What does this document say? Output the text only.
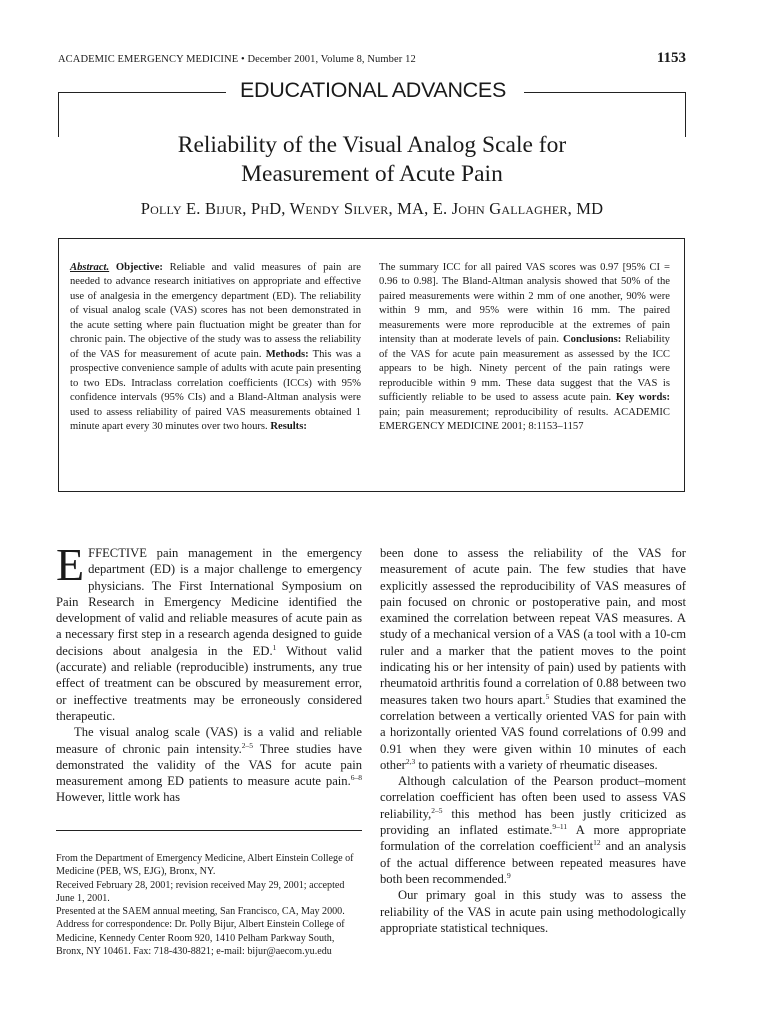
ACADEMIC EMERGENCY MEDICINE • December 2001, Volume 8, Number 12	1153
EDUCATIONAL ADVANCES
Reliability of the Visual Analog Scale for
Measurement of Acute Pain
Polly E. Bijur, PhD, Wendy Silver, MA, E. John Gallagher, MD
Abstract. Objective: Reliable and valid measures of pain are needed to advance research initiatives on appropriate and effective use of analgesia in the emergency department (ED). The reliability of visual analog scale (VAS) scores has not been demonstrated in the acute setting where pain fluctuation might be greater than for chronic pain. The objective of the study was to assess the reliability of the VAS for measurement of acute pain. Methods: This was a prospective convenience sample of adults with acute pain presenting to two EDs. Intraclass correlation coefficients (ICCs) with 95% confidence intervals (95% CIs) and a Bland-Altman analysis were used to assess reliability of paired VAS measurements obtained 1 minute apart every 30 minutes over two hours. Results:
The summary ICC for all paired VAS scores was 0.97 [95% CI = 0.96 to 0.98]. The Bland-Altman analysis showed that 50% of the paired measurements were within 2 mm of one another, 90% were within 9 mm, and 95% were within 16 mm. The paired measurements were more reproducible at the extremes of pain intensity than at moderate levels of pain. Conclusions: Reliability of the VAS for acute pain measurement as assessed by the ICC appears to be high. Ninety percent of the pain ratings were reproducible within 9 mm. These data suggest that the VAS is sufficiently reliable to be used to assess acute pain. Key words: pain; pain measurement; reproducibility of results. ACADEMIC EMERGENCY MEDICINE 2001; 8:1153–1157

EFFECTIVE pain management in the emergency department (ED) is a major challenge to emergency physicians. The First International Symposium on Pain Research in Emergency Medicine identified the development of valid and reliable measures of acute pain as a necessary first step in a research agenda designed to guide decisions about analgesia in the ED.$^1$ Without valid (accurate) and reliable (reproducible) instruments, any true effect of treatment can be obscured by measurement error, or ineffective treatments may be erroneously considered therapeutic.

The visual analog scale (VAS) is a valid and reliable measure of chronic pain intensity.$^{2-5}$ Three studies have demonstrated the validity of the VAS for acute pain measurement among ED patients to measure acute pain.$^{6-8}$ However, little work has

From the Department of Emergency Medicine, Albert Einstein College of Medicine (PEB, WS, EJG), Bronx, NY.

Received February 28, 2001; revision received May 29, 2001; accepted June 1, 2001.

Presented at the SAEM annual meeting, San Francisco, CA, May 2000.

Address for correspondence: Dr. Polly Bijur, Albert Einstein College of Medicine, Kennedy Center Room 920, 1410 Pelham Parkway South, Bronx, NY 10461. Fax: 718-430-8821; e-mail: bijur@aecom.yu.edu

been done to assess the reliability of the VAS for measurement of acute pain. The few studies that have explicitly assessed the reproducibility of VAS measures of pain focused on chronic or postoperative pain, and most examined the correlation between repeat VAS measures. A study of a mechanical version of a VAS (a tool with a 10-cm ruler and a marker that the patient moves to the point indicating his or her intensity of pain) used by patients with rheumatoid arthritis found a correlation of 0.88 between two measures taken two hours apart.$^5$ Studies that examined the correlation between a vertically oriented VAS for pain with a horizontally oriented VAS found correlations of 0.99 and 0.91 when they were given within 10 minutes of each other$^{2,3}$ to patients with a variety of rheumatic diseases.

Although calculation of the Pearson product–moment correlation coefficient has often been used to assess VAS reliability,$^{2-5}$ this method has been justly criticized as providing an inflated estimate.$^{9-11}$ A more appropriate formulation of the correlation coefficient$^{12}$ and an analysis of the actual difference between repeated measures have both been recommended.$^9$

Our primary goal in this study was to assess the reliability of the VAS in acute pain using methodologically appropriate statistical techniques.
